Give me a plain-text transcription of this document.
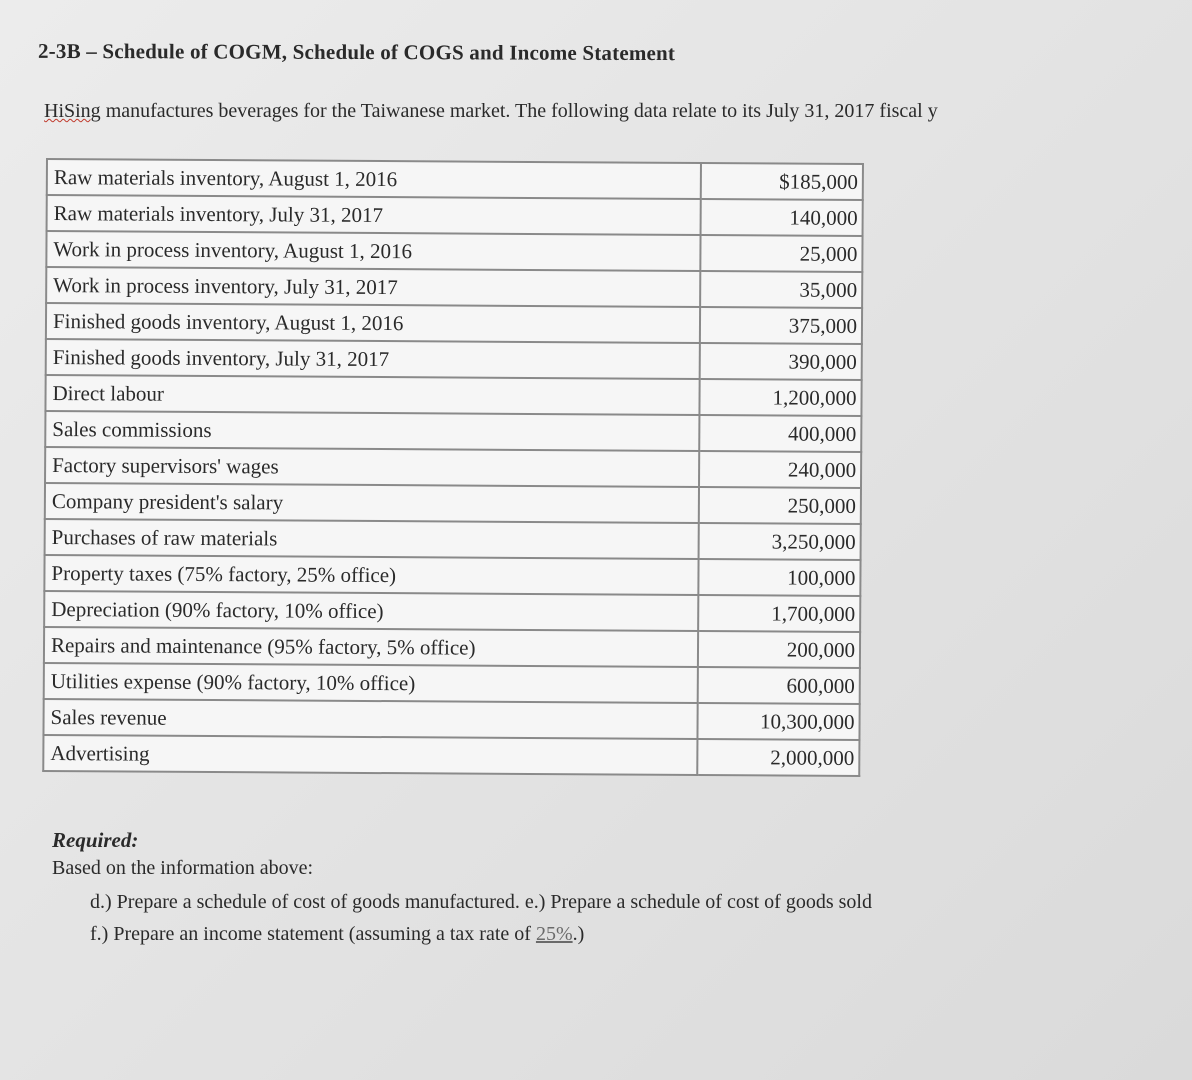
2-3B – Schedule of COGM, Schedule of COGS and Income Statement
HiSing manufactures beverages for the Taiwanese market. The following data relate to its July 31, 2017 fiscal y
Raw materials inventory, August 1, 2016	$185,000
Raw materials inventory, July 31, 2017	140,000
Work in process inventory, August 1, 2016	25,000
Work in process inventory, July 31, 2017	35,000
Finished goods inventory, August 1, 2016	375,000
Finished goods inventory, July 31, 2017	390,000
Direct labour	1,200,000
Sales commissions	400,000
Factory supervisors' wages	240,000
Company president's salary	250,000
Purchases of raw materials	3,250,000
Property taxes (75% factory, 25% office)	100,000
Depreciation (90% factory, 10% office)	1,700,000
Repairs and maintenance (95% factory, 5% office)	200,000
Utilities expense (90% factory, 10% office)	600,000
Sales revenue	10,300,000
Advertising	2,000,000
Required:
Based on the information above:
d.) Prepare a schedule of cost of goods manufactured. e.) Prepare a schedule of cost of goods sold
f.) Prepare an income statement (assuming a tax rate of 25%.)
